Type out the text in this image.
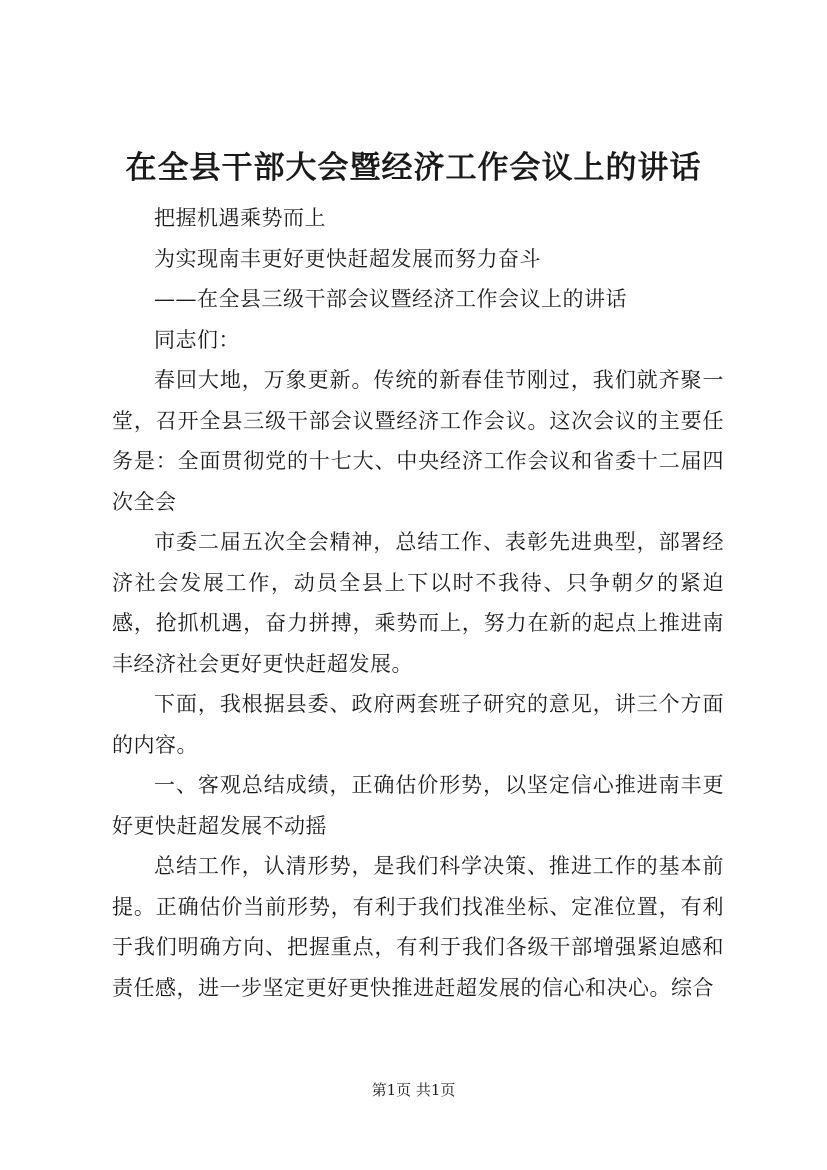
在全县干部大会暨经济工作会议上的讲话

把握机遇乘势而上

为实现南丰更好更快赶超发展而努力奋斗

——在全县三级干部会议暨经济工作会议上的讲话

同志们：

春回大地，万象更新。传统的新春佳节刚过，我们就齐聚一堂，召开全县三级干部会议暨经济工作会议。这次会议的主要任务是：全面贯彻党的十七大、中央经济工作会议和省委十二届四次全会

市委二届五次全会精神，总结工作、表彰先进典型，部署经济社会发展工作，动员全县上下以时不我待、只争朝夕的紧迫感，抢抓机遇，奋力拼搏，乘势而上，努力在新的起点上推进南丰经济社会更好更快赶超发展。

下面，我根据县委、政府两套班子研究的意见，讲三个方面的内容。

一、客观总结成绩，正确估价形势，以坚定信心推进南丰更好更快赶超发展不动摇

总结工作，认清形势，是我们科学决策、推进工作的基本前提。正确估价当前形势，有利于我们找准坐标、定准位置，有利于我们明确方向、把握重点，有利于我们各级干部增强紧迫感和责任感，进一步坚定更好更快推进赶超发展的信心和决心。综合

第1页 共1页
